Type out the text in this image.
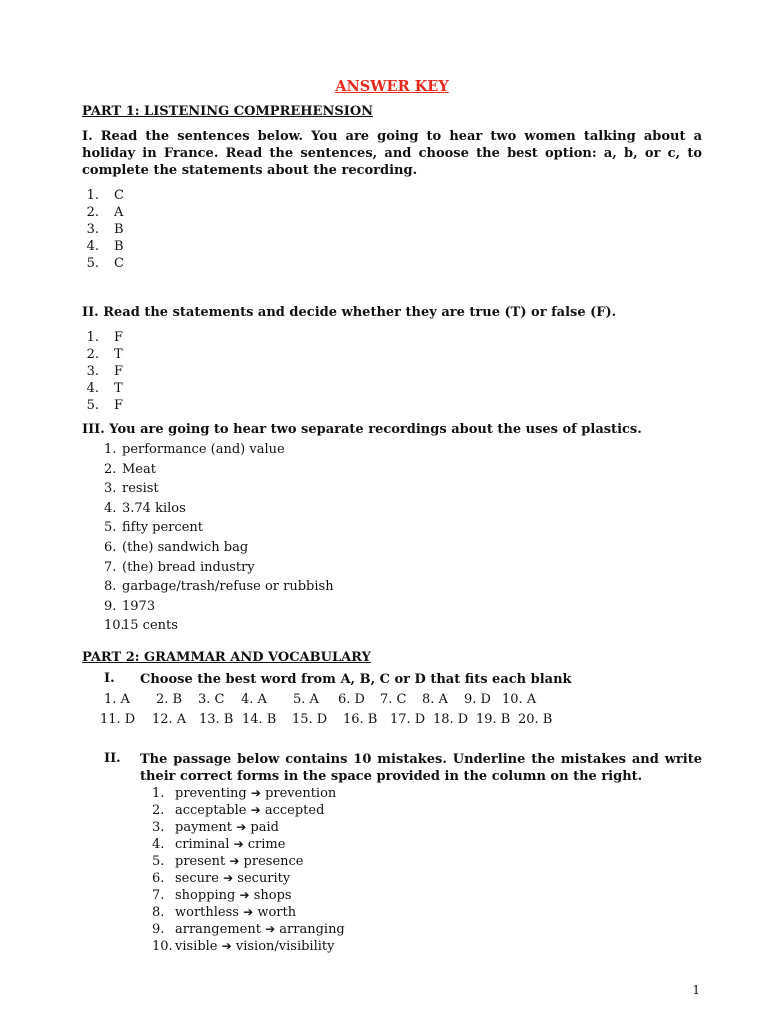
ANSWER KEY
PART 1: LISTENING COMPREHENSION
I. Read the sentences below. You are going to hear two women talking about a holiday in France. Read the sentences, and choose the best option: a, b, or c, to complete the statements about the recording.
1. C
2. A
3. B
4. B
5. C
II. Read the statements and decide whether they are true (T) or false (F).
1. F
2. T
3. F
4. T
5. F
III. You are going to hear two separate recordings about the uses of plastics.
1. performance (and) value
2. Meat
3. resist
4. 3.74 kilos
5. fifty percent
6. (the) sandwich bag
7. (the) bread industry
8. garbage/trash/refuse or rubbish
9. 1973
10.15 cents
PART 2: GRAMMAR AND VOCABULARY
I. Choose the best word from A, B, C or D that fits each blank
1. A 2. B 3. C 4. A 5. A 6. D 7. C 8. A 9. D 10. A
11. D 12. A 13. B 14. B 15. D 16. B 17. D 18. D 19. B 20. B
II. The passage below contains 10 mistakes. Underline the mistakes and write their correct forms in the space provided in the column on the right.
1. preventing ➔ prevention
2. acceptable ➔ accepted
3. payment ➔ paid
4. criminal ➔ crime
5. present ➔ presence
6. secure ➔ security
7. shopping ➔ shops
8. worthless ➔ worth
9. arrangement ➔ arranging
10. visible ➔ vision/visibility
1
